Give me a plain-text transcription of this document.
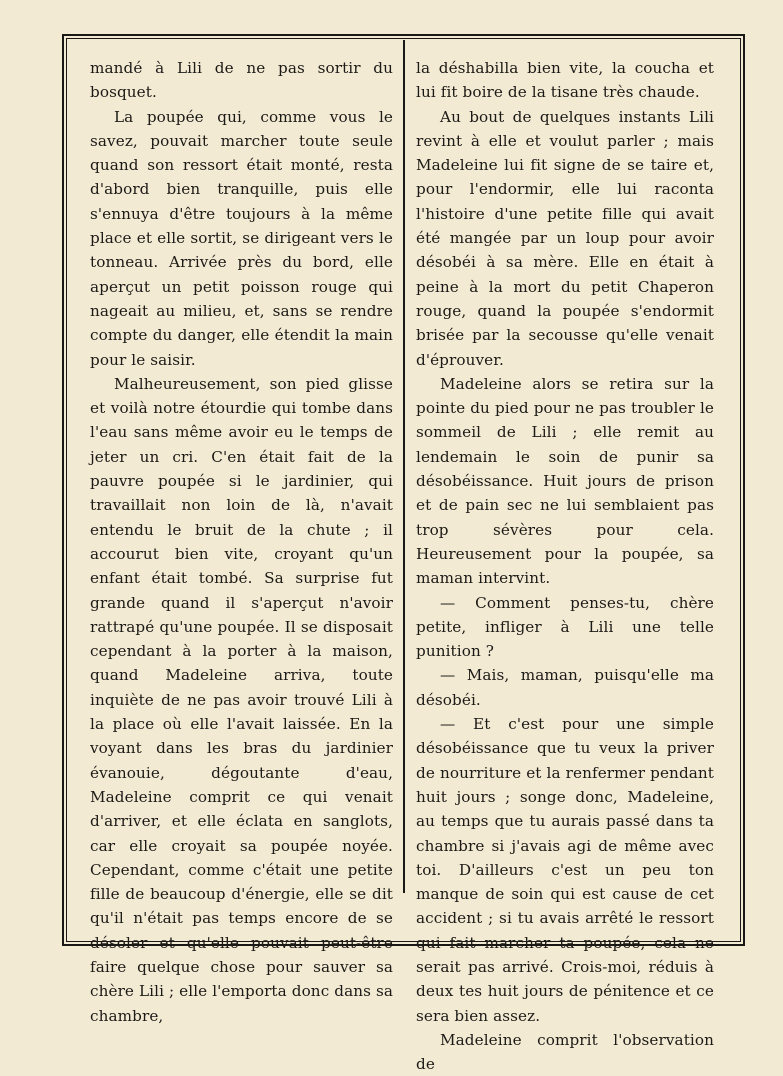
mandé à Lili de ne pas sortir du bosquet.

La poupée qui, comme vous le savez, pouvait marcher toute seule quand son ressort était monté, resta d'abord bien tranquille, puis elle s'ennuya d'être toujours à la même place et elle sortit, se dirigeant vers le tonneau. Arrivée près du bord, elle aperçut un petit poisson rouge qui nageait au milieu, et, sans se rendre compte du danger, elle étendit la main pour le saisir.

Malheureusement, son pied glisse et voilà notre étourdie qui tombe dans l'eau sans même avoir eu le temps de jeter un cri. C'en était fait de la pauvre poupée si le jardinier, qui travaillait non loin de là, n'avait entendu le bruit de la chute ; il accourut bien vite, croyant qu'un enfant était tombé. Sa surprise fut grande quand il s'aperçut n'avoir rattrapé qu'une poupée. Il se disposait cependant à la porter à la maison, quand Madeleine arriva, toute inquiète de ne pas avoir trouvé Lili à la place où elle l'avait laissée. En la voyant dans les bras du jardinier évanouie, dégoutante d'eau, Madeleine comprit ce qui venait d'arriver, et elle éclata en sanglots, car elle croyait sa poupée noyée. Cependant, comme c'était une petite fille de beaucoup d'énergie, elle se dit qu'il n'était pas temps encore de se désoler et qu'elle pouvait peut-être faire quelque chose pour sauver sa chère Lili ; elle l'emporta donc dans sa chambre,

la déshabilla bien vite, la coucha et lui fit boire de la tisane très chaude.

Au bout de quelques instants Lili revint à elle et voulut parler ; mais Madeleine lui fit signe de se taire et, pour l'endormir, elle lui raconta l'histoire d'une petite fille qui avait été mangée par un loup pour avoir désobéi à sa mère. Elle en était à peine à la mort du petit Chaperon rouge, quand la poupée s'endormit brisée par la secousse qu'elle venait d'éprouver.

Madeleine alors se retira sur la pointe du pied pour ne pas troubler le sommeil de Lili ; elle remit au lendemain le soin de punir sa désobéissance. Huit jours de prison et de pain sec ne lui semblaient pas trop sévères pour cela. Heureusement pour la poupée, sa maman intervint.

— Comment penses-tu, chère petite, infliger à Lili une telle punition ?

— Mais, maman, puisqu'elle ma désobéi.

— Et c'est pour une simple désobéissance que tu veux la priver de nourriture et la renfermer pendant huit jours ; songe donc, Madeleine, au temps que tu aurais passé dans ta chambre si j'avais agi de même avec toi. D'ailleurs c'est un peu ton manque de soin qui est cause de cet accident ; si tu avais arrêté le ressort qui fait marcher ta poupée, cela ne serait pas arrivé. Crois-moi, réduis à deux tes huit jours de pénitence et ce sera bien assez.

Madeleine comprit l'observation de
